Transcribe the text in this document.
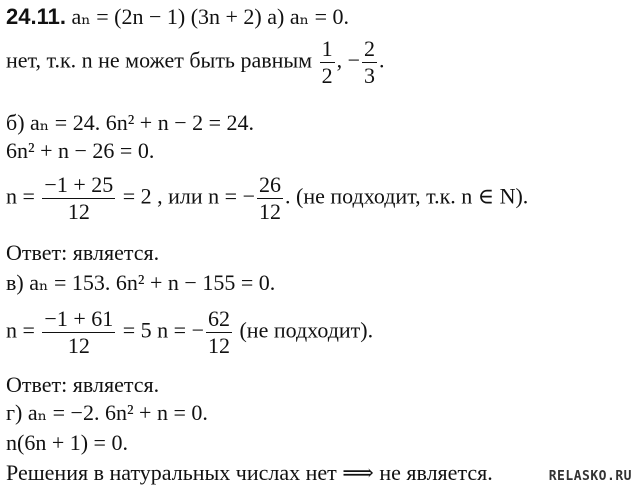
24.11. aₙ = (2n − 1) (3n + 2) а) aₙ = 0.
нет, т.к. n не может быть равным $\frac{1}{2}$ , − $\frac{2}{3}$ .
б) aₙ = 24. 6n² + n − 2 = 24.
6n² + n − 26 = 0.
$n = \frac{-1 + 25}{12} = 2$ , или n = − $\frac{26}{12}$ . (не подходит, т.к. n ∈ N).
Ответ: является.
в) aₙ = 153. 6n² + n − 155 = 0.
$n = \frac{-1 + 61}{12} = 5$ n = − $\frac{62}{12} (не$ подходит).
Ответ: является.
г) aₙ = −2. 6n² + n = 0.
n(6n + 1) = 0.
Решения в натуральных числах нет ⟹ не является.	RELASKO.RU
